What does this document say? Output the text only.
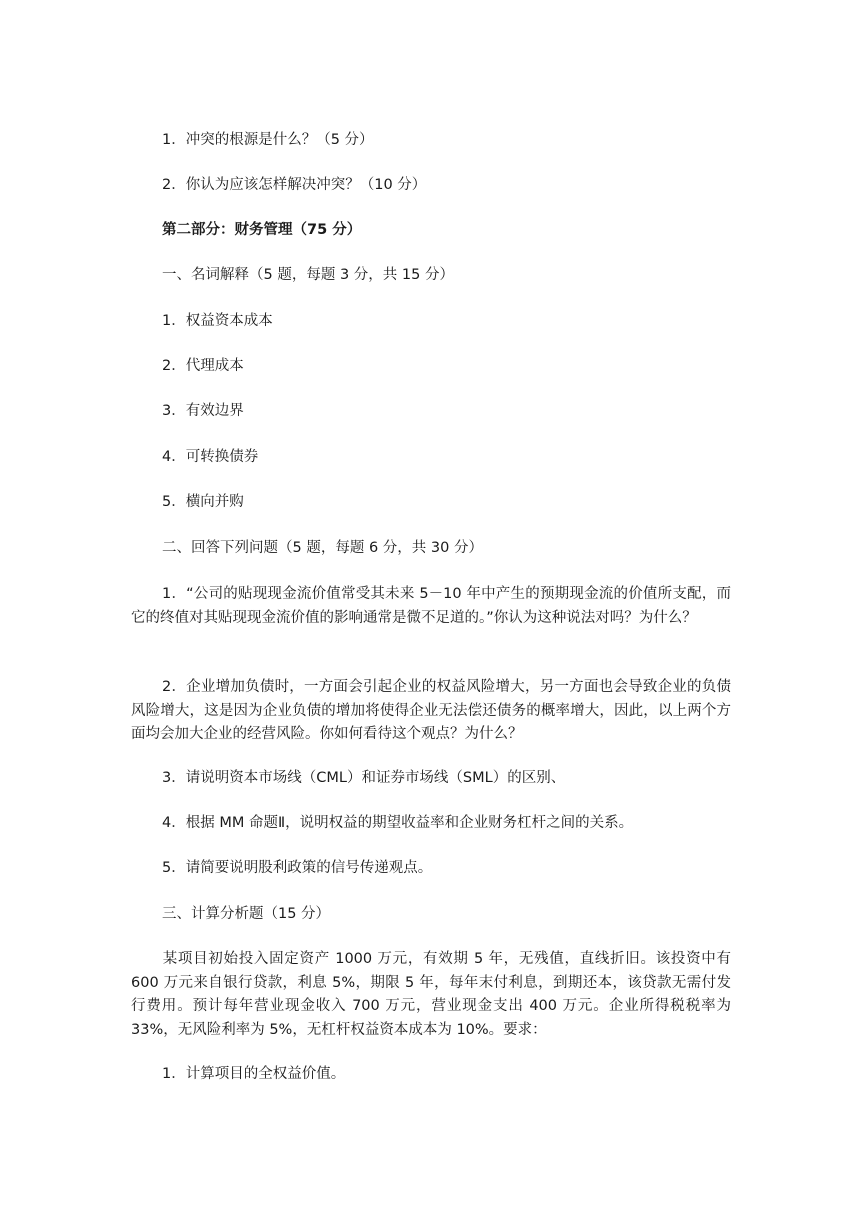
1．冲突的根源是什么？（5 分）
2．你认为应该怎样解决冲突？（10 分）
第二部分：财务管理（75 分）
一、名词解释（5 题，每题 3 分，共 15 分）
1．权益资本成本
2．代理成本
3．有效边界
4．可转换债券
5．横向并购
二、回答下列问题（5 题，每题 6 分，共 30 分）
1．“公司的贴现现金流价值常受其未来 5－10 年中产生的预期现金流的价值所支配，而它的终值对其贴现现金流价值的影响通常是微不足道的。”你认为这种说法对吗？为什么？
2．企业增加负债时，一方面会引起企业的权益风险增大，另一方面也会导致企业的负债风险增大，这是因为企业负债的增加将使得企业无法偿还债务的概率增大，因此，以上两个方面均会加大企业的经营风险。你如何看待这个观点？为什么？
3．请说明资本市场线（CML）和证券市场线（SML）的区别、
4．根据 MM 命题Ⅱ，说明权益的期望收益率和企业财务杠杆之间的关系。
5．请简要说明股利政策的信号传递观点。
三、计算分析题（15 分）
某项目初始投入固定资产 1000 万元，有效期 5 年，无残值，直线折旧。该投资中有 600 万元来自银行贷款，利息 5%，期限 5 年，每年末付利息，到期还本，该贷款无需付发行费用。预计每年营业现金收入 700 万元，营业现金支出 400 万元。企业所得税税率为 33%，无风险利率为 5%，无杠杆权益资本成本为 10%。要求：
1．计算项目的全权益价值。
